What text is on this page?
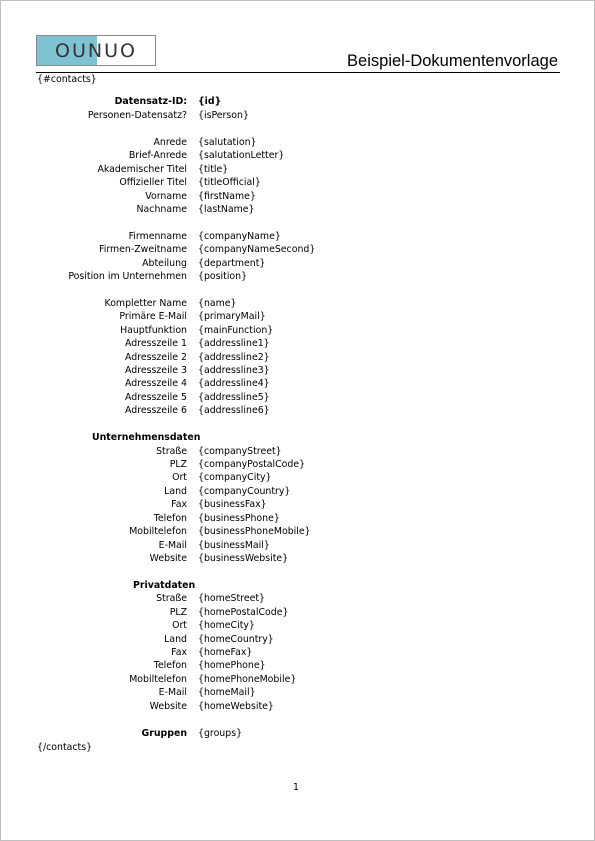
OUNUO	Beispiel-Dokumentenvorlage
{#contacts}
Datensatz-ID: {id}
Personen-Datensatz? {isPerson}
Anrede {salutation}
Brief-Anrede {salutationLetter}
Akademischer Titel {title}
Offizieller Titel {titleOfficial}
Vorname {firstName}
Nachname {lastName}
Firmenname {companyName}
Firmen-Zweitname {companyNameSecond}
Abteilung {department}
Position im Unternehmen {position}
Kompletter Name {name}
Primäre E-Mail {primaryMail}
Hauptfunktion {mainFunction}
Adresszeile 1 {addressline1}
Adresszeile 2 {addressline2}
Adresszeile 3 {addressline3}
Adresszeile 4 {addressline4}
Adresszeile 5 {addressline5}
Adresszeile 6 {addressline6}
Unternehmensdaten
Straße {companyStreet}
PLZ {companyPostalCode}
Ort {companyCity}
Land {companyCountry}
Fax {businessFax}
Telefon {businessPhone}
Mobiltelefon {businessPhoneMobile}
E-Mail {businessMail}
Website {businessWebsite}
Privatdaten
Straße {homeStreet}
PLZ {homePostalCode}
Ort {homeCity}
Land {homeCountry}
Fax {homeFax}
Telefon {homePhone}
Mobiltelefon {homePhoneMobile}
E-Mail {homeMail}
Website {homeWebsite}
Gruppen {groups}
{/contacts}
1
